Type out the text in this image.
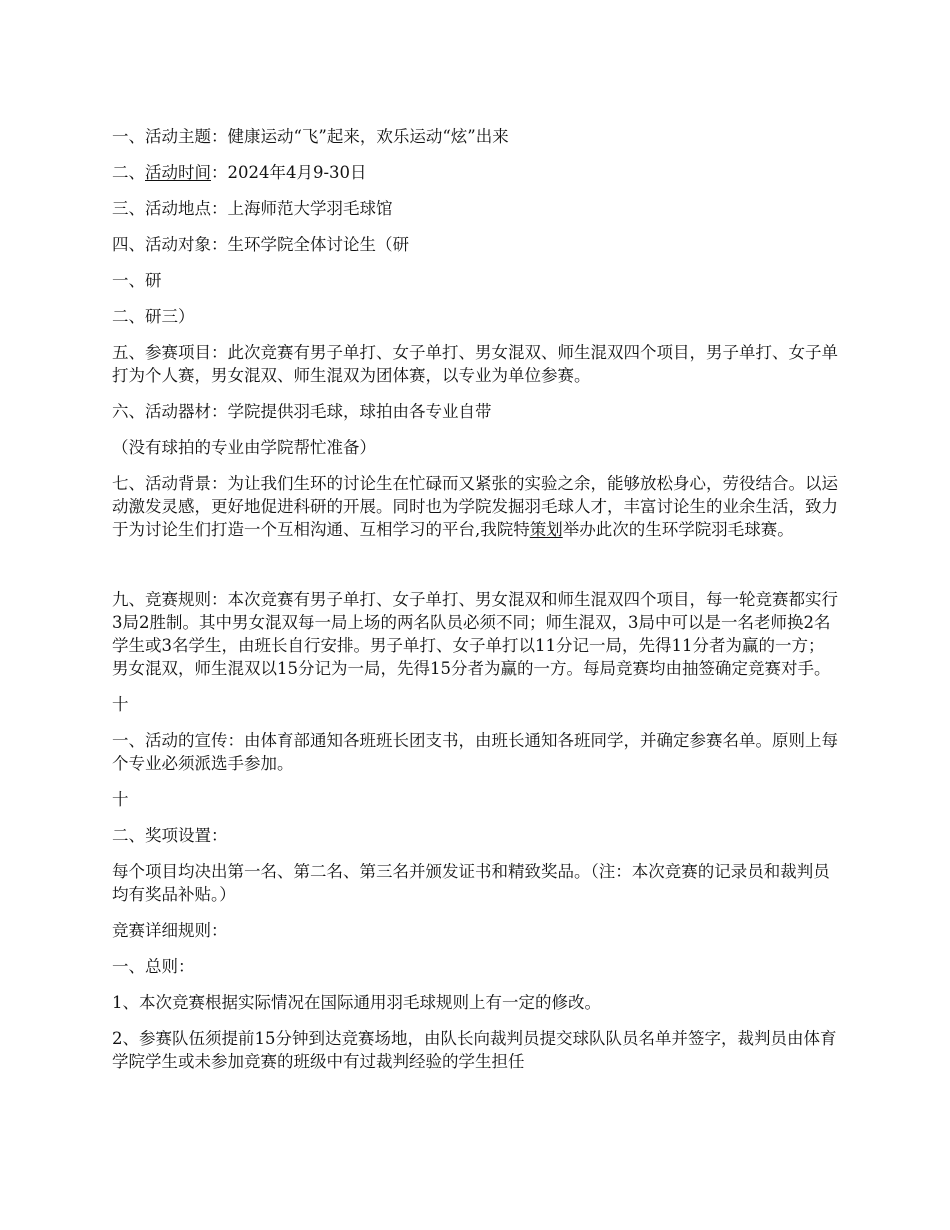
一、活动主题：健康运动“飞”起来，欢乐运动“炫”出来

二、活动时间：2024年4月9-30日

三、活动地点：上海师范大学羽毛球馆

四、活动对象：生环学院全体讨论生（研

一、研

二、研三）

五、参赛项目：此次竞赛有男子单打、女子单打、男女混双、师生混双四个项目，男子单打、女子单打为个人赛，男女混双、师生混双为团体赛，以专业为单位参赛。

六、活动器材：学院提供羽毛球，球拍由各专业自带

（没有球拍的专业由学院帮忙准备）

七、活动背景：为让我们生环的讨论生在忙碌而又紧张的实验之余，能够放松身心，劳役结合。以运动激发灵感，更好地促进科研的开展。同时也为学院发掘羽毛球人才，丰富讨论生的业余生活，致力于为讨论生们打造一个互相沟通、互相学习的平台,我院特策划举办此次的生环学院羽毛球赛。

九、竞赛规则：本次竞赛有男子单打、女子单打、男女混双和师生混双四个项目，每一轮竞赛都实行3局2胜制。其中男女混双每一局上场的两名队员必须不同；师生混双，3局中可以是一名老师换2名学生或3名学生，由班长自行安排。男子单打、女子单打以11分记一局，先得11分者为赢的一方；男女混双，师生混双以15分记为一局，先得15分者为赢的一方。每局竞赛均由抽签确定竞赛对手。

十

一、活动的宣传：由体育部通知各班班长团支书，由班长通知各班同学，并确定参赛名单。原则上每个专业必须派选手参加。

十

二、奖项设置：

每个项目均决出第一名、第二名、第三名并颁发证书和精致奖品。（注：本次竞赛的记录员和裁判员均有奖品补贴。）

竞赛详细规则：

一、总则：

1、本次竞赛根据实际情况在国际通用羽毛球规则上有一定的修改。

2、参赛队伍须提前15分钟到达竞赛场地，由队长向裁判员提交球队队员名单并签字，裁判员由体育学院学生或未参加竞赛的班级中有过裁判经验的学生担任
